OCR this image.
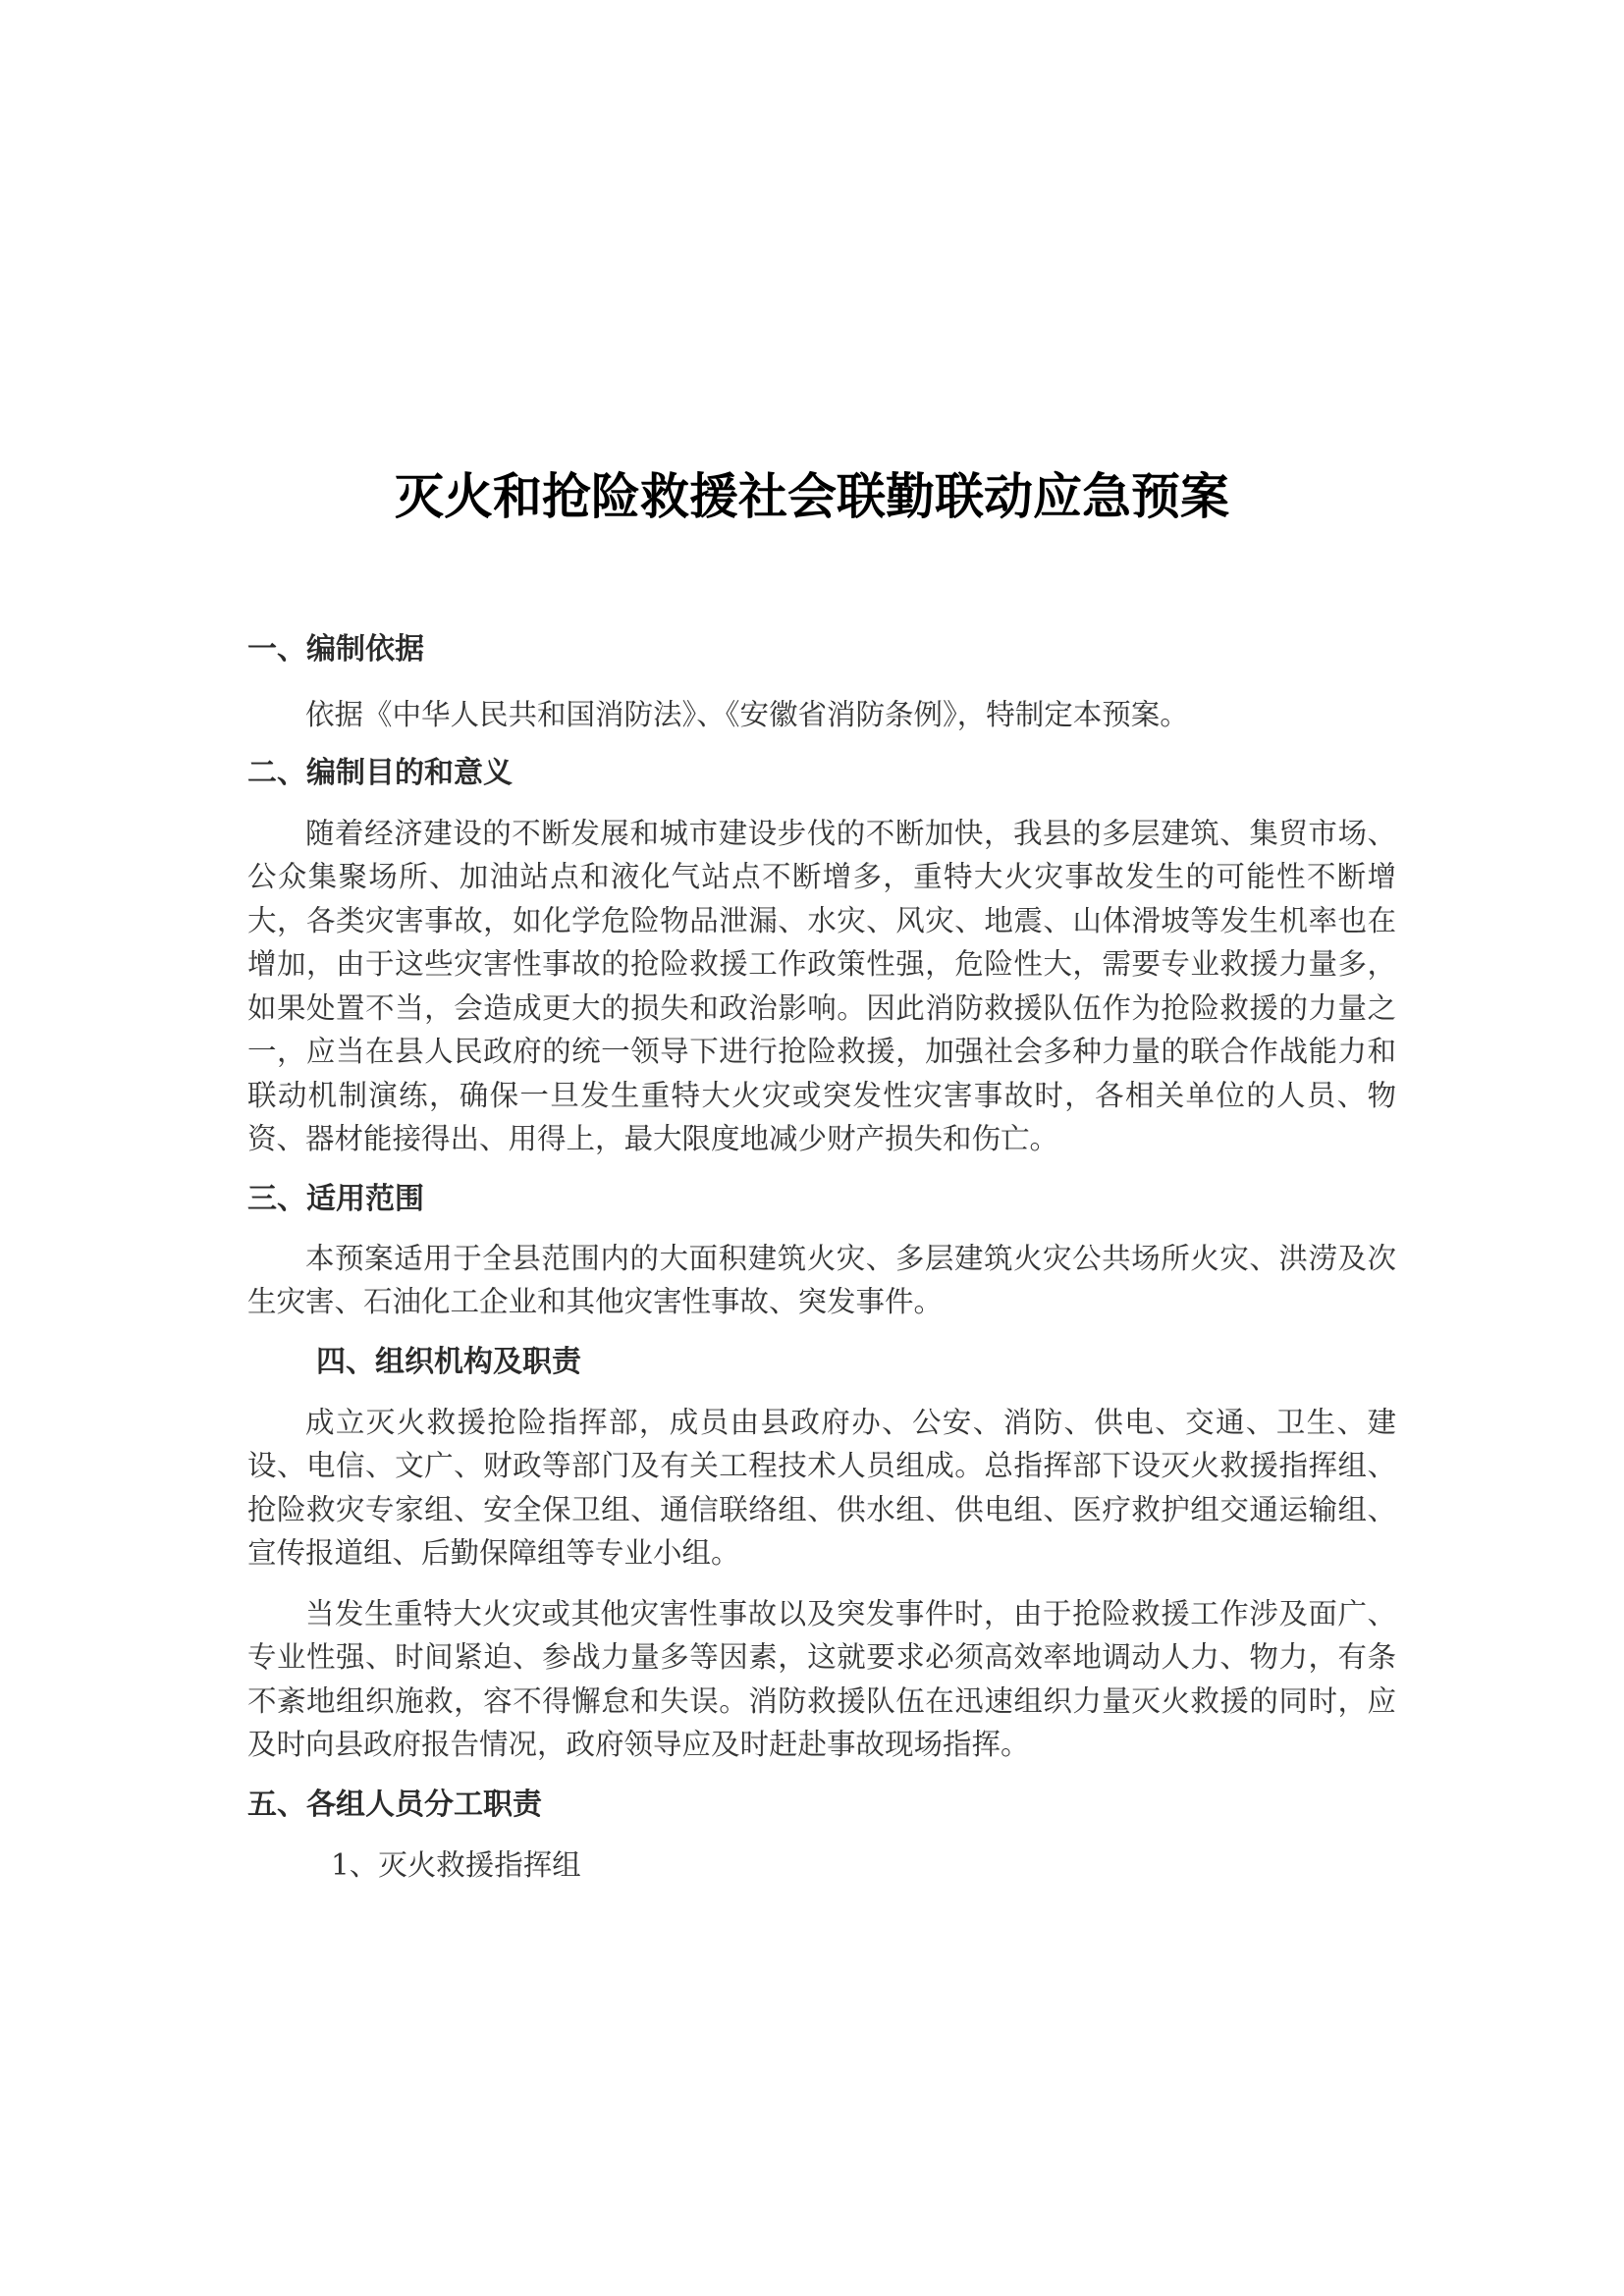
灭火和抢险救援社会联勤联动应急预案
一、编制依据

依据《中华人民共和国消防法》、《安徽省消防条例》，特制定本预案。

二、编制目的和意义

随着经济建设的不断发展和城市建设步伐的不断加快，我县的多层建筑、集贸市场、公众集聚场所、加油站点和液化气站点不断增多，重特大火灾事故发生的可能性不断增大，各类灾害事故，如化学危险物品泄漏、水灾、风灾、地震、山体滑坡等发生机率也在增加，由于这些灾害性事故的抢险救援工作政策性强，危险性大，需要专业救援力量多，如果处置不当，会造成更大的损失和政治影响。因此消防救援队伍作为抢险救援的力量之一，应当在县人民政府的统一领导下进行抢险救援，加强社会多种力量的联合作战能力和联动机制演练，确保一旦发生重特大火灾或突发性灾害事故时，各相关单位的人员、物资、器材能接得出、用得上，最大限度地减少财产损失和伤亡。

三、适用范围

本预案适用于全县范围内的大面积建筑火灾、多层建筑火灾公共场所火灾、洪涝及次生灾害、石油化工企业和其他灾害性事故、突发事件。

四、组织机构及职责

成立灭火救援抢险指挥部，成员由县政府办、公安、消防、供电、交通、卫生、建设、电信、文广、财政等部门及有关工程技术人员组成。总指挥部下设灭火救援指挥组、抢险救灾专家组、安全保卫组、通信联络组、供水组、供电组、医疗救护组交通运输组、宣传报道组、后勤保障组等专业小组。

当发生重特大火灾或其他灾害性事故以及突发事件时，由于抢险救援工作涉及面广、专业性强、时间紧迫、参战力量多等因素，这就要求必须高效率地调动人力、物力，有条不紊地组织施救，容不得懈怠和失误。消防救援队伍在迅速组织力量灭火救援的同时，应及时向县政府报告情况，政府领导应及时赶赴事故现场指挥。

五、各组人员分工职责

1、灭火救援指挥组
